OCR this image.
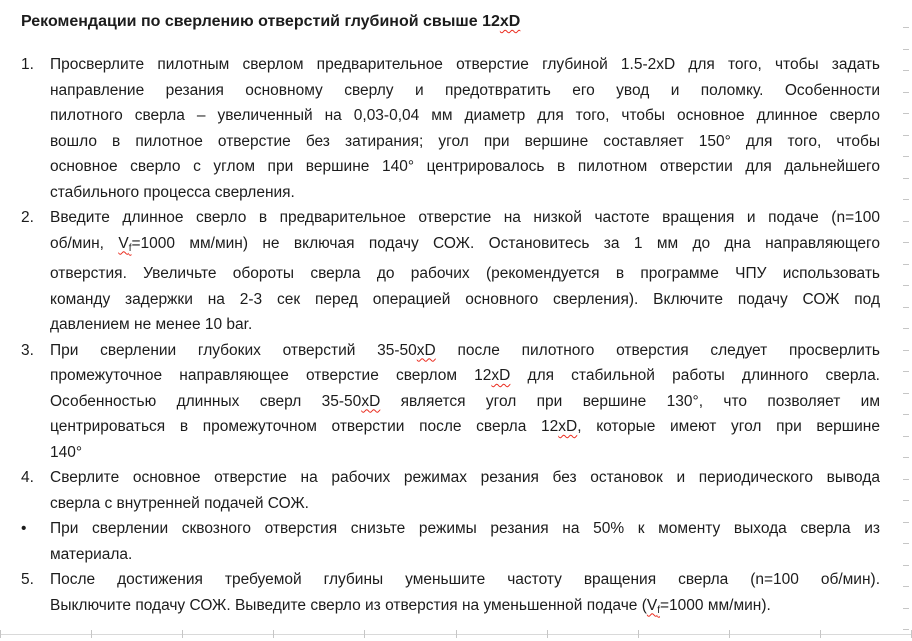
Рекомендации по сверлению отверстий глубиной свыше 12xD
1.	Просверлите пилотным сверлом предварительное отверстие глубиной 1.5-2xD для того, чтобы задать
направление резания основному сверлу и предотвратить его увод и поломку. Особенности
пилотного сверла – увеличенный на 0,03-0,04 мм диаметр для того, чтобы основное длинное сверло
вошло в пилотное отверстие без затирания; угол при вершине составляет 150° для того, чтобы
основное сверло с углом при вершине 140° центрировалось в пилотном отверстии для дальнейшего
стабильного процесса сверления.
2.	Введите длинное сверло в предварительное отверстие на низкой частоте вращения и подаче (n=100
об/мин, $V_f=1000$ мм/мин) не включая подачу СОЖ. Остановитесь за 1 мм до дна направляющего
отверстия. Увеличьте обороты сверла до рабочих (рекомендуется в программе ЧПУ использовать
команду задержки на 2-3 сек перед операцией основного сверления). Включите подачу СОЖ под
давлением не менее 10 bar.
3.	При сверлении глубоких отверстий 35-50xD после пилотного отверстия следует просверлить
промежуточное направляющее отверстие сверлом 12xD для стабильной работы длинного сверла.
Особенностью длинных сверл 35-50xD является угол при вершине 130°, что позволяет им
центрироваться в промежуточном отверстии после сверла 12xD, которые имеют угол при вершине
140°
4.	Сверлите основное отверстие на рабочих режимах резания без остановок и периодического вывода
сверла с внутренней подачей СОЖ.
•	При сверлении сквозного отверстия снизьте режимы резания на 50% к моменту выхода сверла из
материала.
5.	После достижения требуемой глубины уменьшите частоту вращения сверла (n=100 об/мин).
Выключите подачу СОЖ. Выведите сверло из отверстия на уменьшенной подаче ($V_f=1000$ мм/мин).
